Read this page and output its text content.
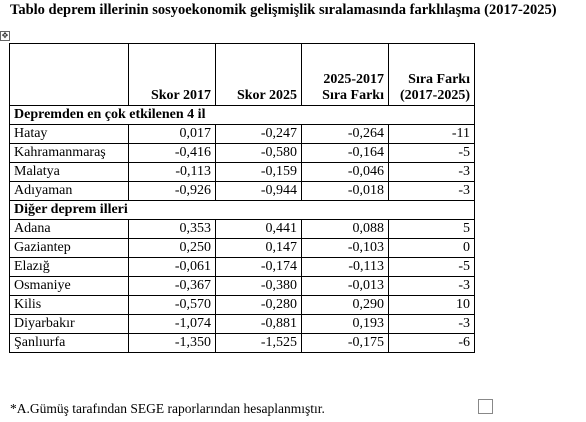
Tablo deprem illerinin sosyoekonomik gelişmişlik sıralamasında farklılaşma (2017-2025)
✥
	Skor 2017	Skor 2025	2025-2017 Sıra Farkı	Sıra Farkı (2017-2025)
Depremden en çok etkilenen 4 il				
Hatay	0,017	-0,247	-0,264	-11
Kahramanmaraş	-0,416	-0,580	-0,164	-5
Malatya	-0,113	-0,159	-0,046	-3
Adıyaman	-0,926	-0,944	-0,018	-3
Diğer deprem illeri				
Adana	0,353	0,441	0,088	5
Gaziantep	0,250	0,147	-0,103	0
Elazığ	-0,061	-0,174	-0,113	-5
Osmaniye	-0,367	-0,380	-0,013	-3
Kilis	-0,570	-0,280	0,290	10
Diyarbakır	-1,074	-0,881	0,193	-3
Şanlıurfa	-1,350	-1,525	-0,175	-6
*A.Gümüş tarafından SEGE raporlarından hesaplanmıştır.
